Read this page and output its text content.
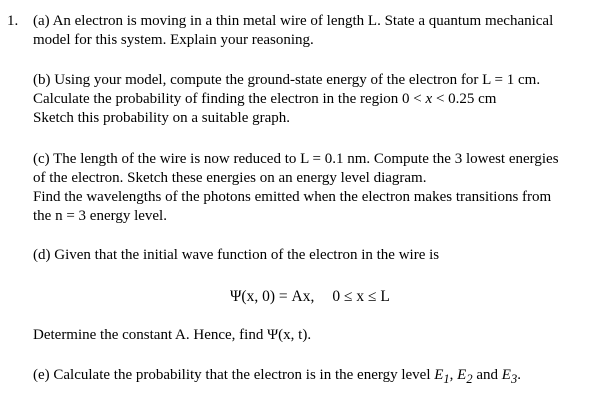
1. (a) An electron is moving in a thin metal wire of length L. State a quantum mechanical
model for this system. Explain your reasoning.
(b) Using your model, compute the ground-state energy of the electron for L = 1 cm.
Calculate the probability of finding the electron in the region 0 < x < 0.25 cm
Sketch this probability on a suitable graph.
(c) The length of the wire is now reduced to L = 0.1 nm. Compute the 3 lowest energies
of the electron. Sketch these energies on an energy level diagram.
Find the wavelengths of the photons emitted when the electron makes transitions from
the n = 3 energy level.
(d) Given that the initial wave function of the electron in the wire is
Ψ(x, 0) = Ax, 0 ≤ x ≤ L
Determine the constant A. Hence, find Ψ(x, t).
(e) Calculate the probability that the electron is in the energy level $E_1$, $E_2$ and $E_3$.
